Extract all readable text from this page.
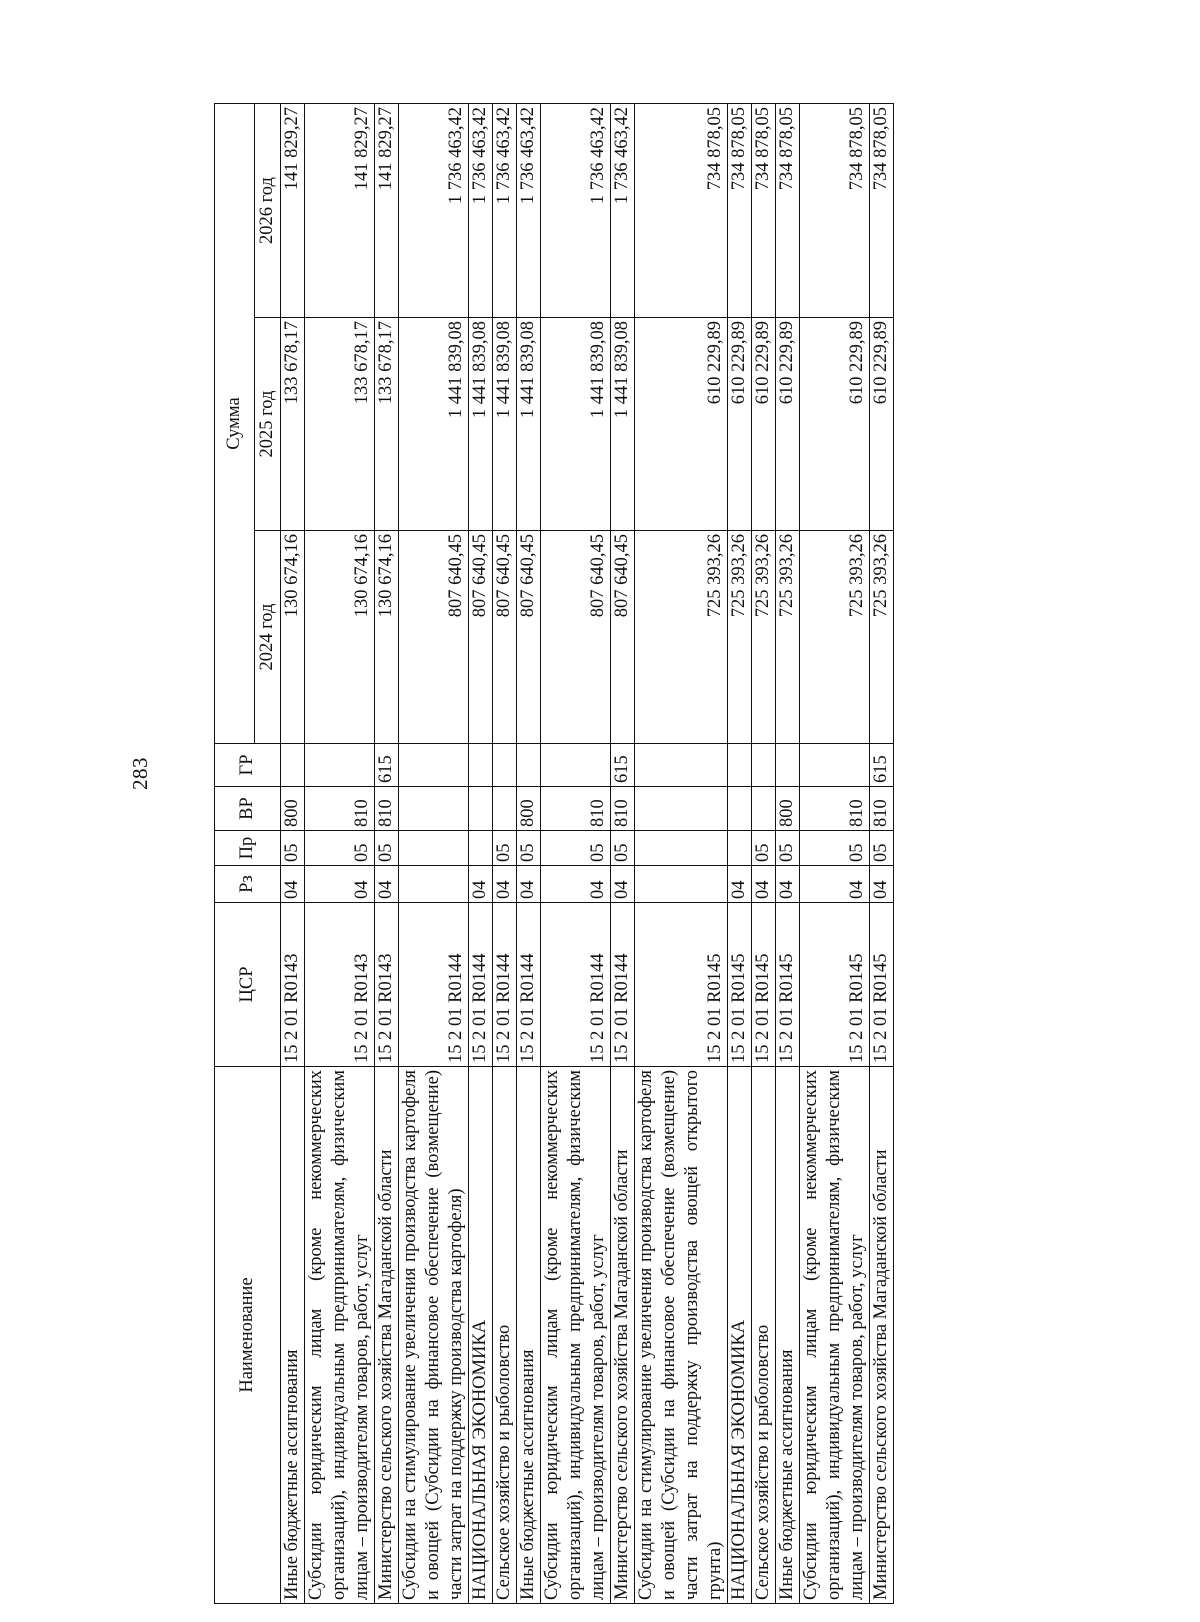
283
Наименование	ЦСР	Рз	Пр	ВР	ГР	Сумма		
						2024 год	2025 год	2026 год
Иные бюджетные ассигнования	15 2 01 R0143	04	05	800		130 674,16	133 678,17	141 829,27
Субсидии юридическим лицам (кроме некоммерческих организаций), индивидуальным предпринимателям, физическим лицам – производителям товаров, работ, услуг	15 2 01 R0143	04	05	810		130 674,16	133 678,17	141 829,27
Министерство сельского хозяйства Магаданской области	15 2 01 R0143	04	05	810	615	130 674,16	133 678,17	141 829,27
Субсидии на стимулирование увеличения производства картофеля и овощей (Субсидии на финансовое обеспечение (возмещение) части затрат на поддержку производства картофеля)	15 2 01 R0144					807 640,45	1 441 839,08	1 736 463,42
НАЦИОНАЛЬНАЯ ЭКОНОМИКА	15 2 01 R0144	04				807 640,45	1 441 839,08	1 736 463,42
Сельское хозяйство и рыболовство	15 2 01 R0144	04	05			807 640,45	1 441 839,08	1 736 463,42
Иные бюджетные ассигнования	15 2 01 R0144	04	05	800		807 640,45	1 441 839,08	1 736 463,42
Субсидии юридическим лицам (кроме некоммерческих организаций), индивидуальным предпринимателям, физическим лицам – производителям товаров, работ, услуг	15 2 01 R0144	04	05	810		807 640,45	1 441 839,08	1 736 463,42
Министерство сельского хозяйства Магаданской области	15 2 01 R0144	04	05	810	615	807 640,45	1 441 839,08	1 736 463,42
Субсидии на стимулирование увеличения производства картофеля и овощей (Субсидии на финансовое обеспечение (возмещение) части затрат на поддержку производства овощей открытого грунта)	15 2 01 R0145					725 393,26	610 229,89	734 878,05
НАЦИОНАЛЬНАЯ ЭКОНОМИКА	15 2 01 R0145	04				725 393,26	610 229,89	734 878,05
Сельское хозяйство и рыболовство	15 2 01 R0145	04	05			725 393,26	610 229,89	734 878,05
Иные бюджетные ассигнования	15 2 01 R0145	04	05	800		725 393,26	610 229,89	734 878,05
Субсидии юридическим лицам (кроме некоммерческих организаций), индивидуальным предпринимателям, физическим лицам – производителям товаров, работ, услуг	15 2 01 R0145	04	05	810		725 393,26	610 229,89	734 878,05
Министерство сельского хозяйства Магаданской области	15 2 01 R0145	04	05	810	615	725 393,26	610 229,89	734 878,05
